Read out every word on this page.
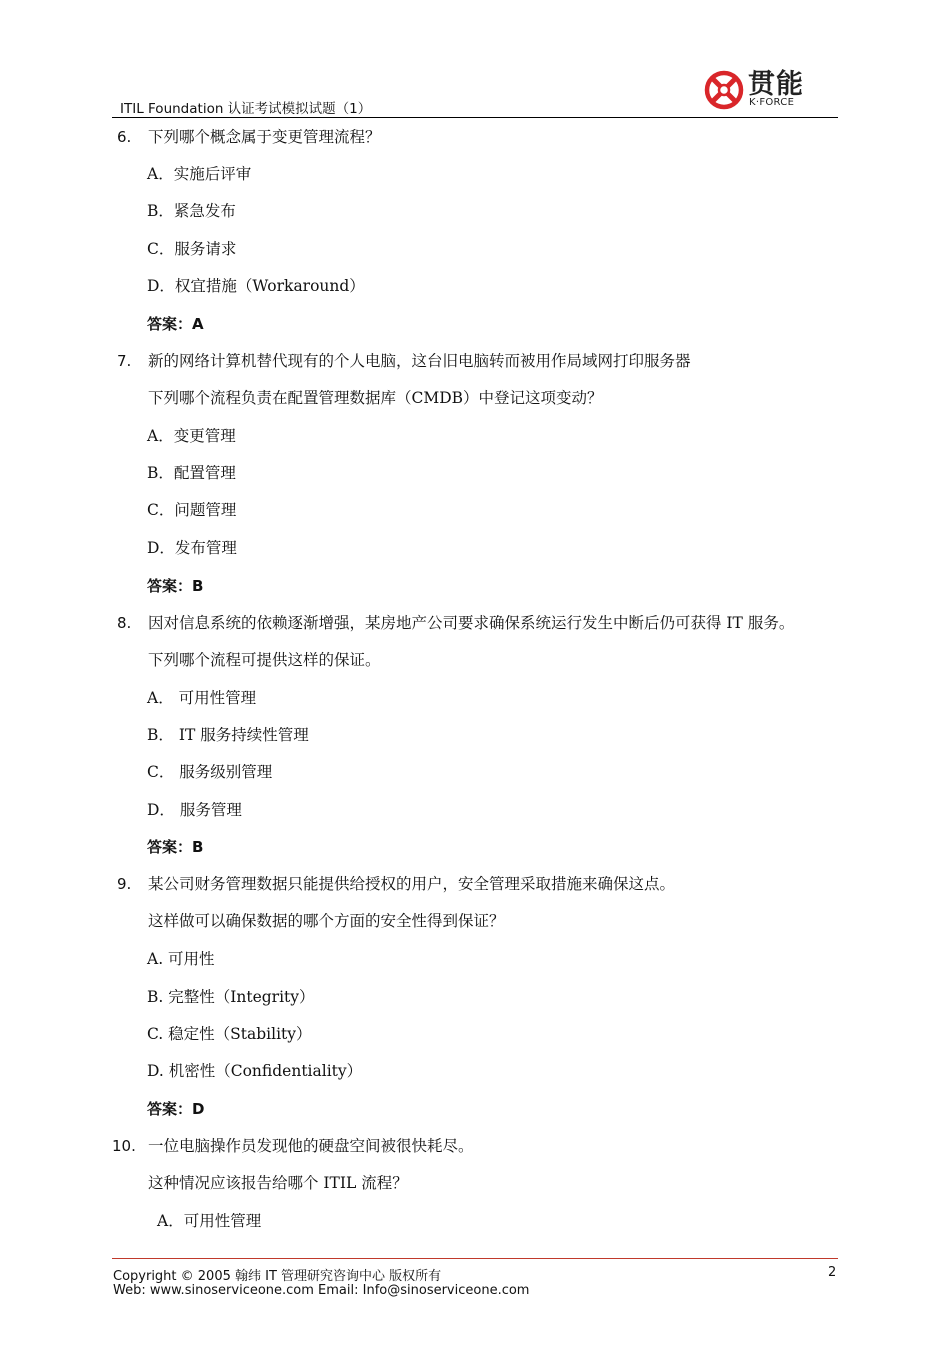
ITIL Foundation 认证考试模拟试题（1）
贯能
K·FORCE
6. 下列哪个概念属于变更管理流程？
A．实施后评审
B．紧急发布
C．服务请求
D．权宜措施（Workaround）
答案：A
7. 新的网络计算机替代现有的个人电脑，这台旧电脑转而被用作局域网打印服务器
下列哪个流程负责在配置管理数据库（CMDB）中登记这项变动？
A．变更管理
B．配置管理
C．问题管理
D．发布管理
答案：B
8. 因对信息系统的依赖逐渐增强，某房地产公司要求确保系统运行发生中断后仍可获得 IT 服务。
下列哪个流程可提供这样的保证。
A． 可用性管理
B． IT 服务持续性管理
C． 服务级别管理
D． 服务管理
答案：B
9. 某公司财务管理数据只能提供给授权的用户，安全管理采取措施来确保这点。
这样做可以确保数据的哪个方面的安全性得到保证？
A. 可用性
B. 完整性（Integrity）
C. 稳定性（Stability）
D. 机密性（Confidentiality）
答案：D
10. 一位电脑操作员发现他的硬盘空间被很快耗尽。
这种情况应该报告给哪个 ITIL 流程？
A．可用性管理
Copyright © 2005 翰纬 IT 管理研究咨询中心 版权所有
Web: www.sinoserviceone.com Email: Info@sinoserviceone.com
2
